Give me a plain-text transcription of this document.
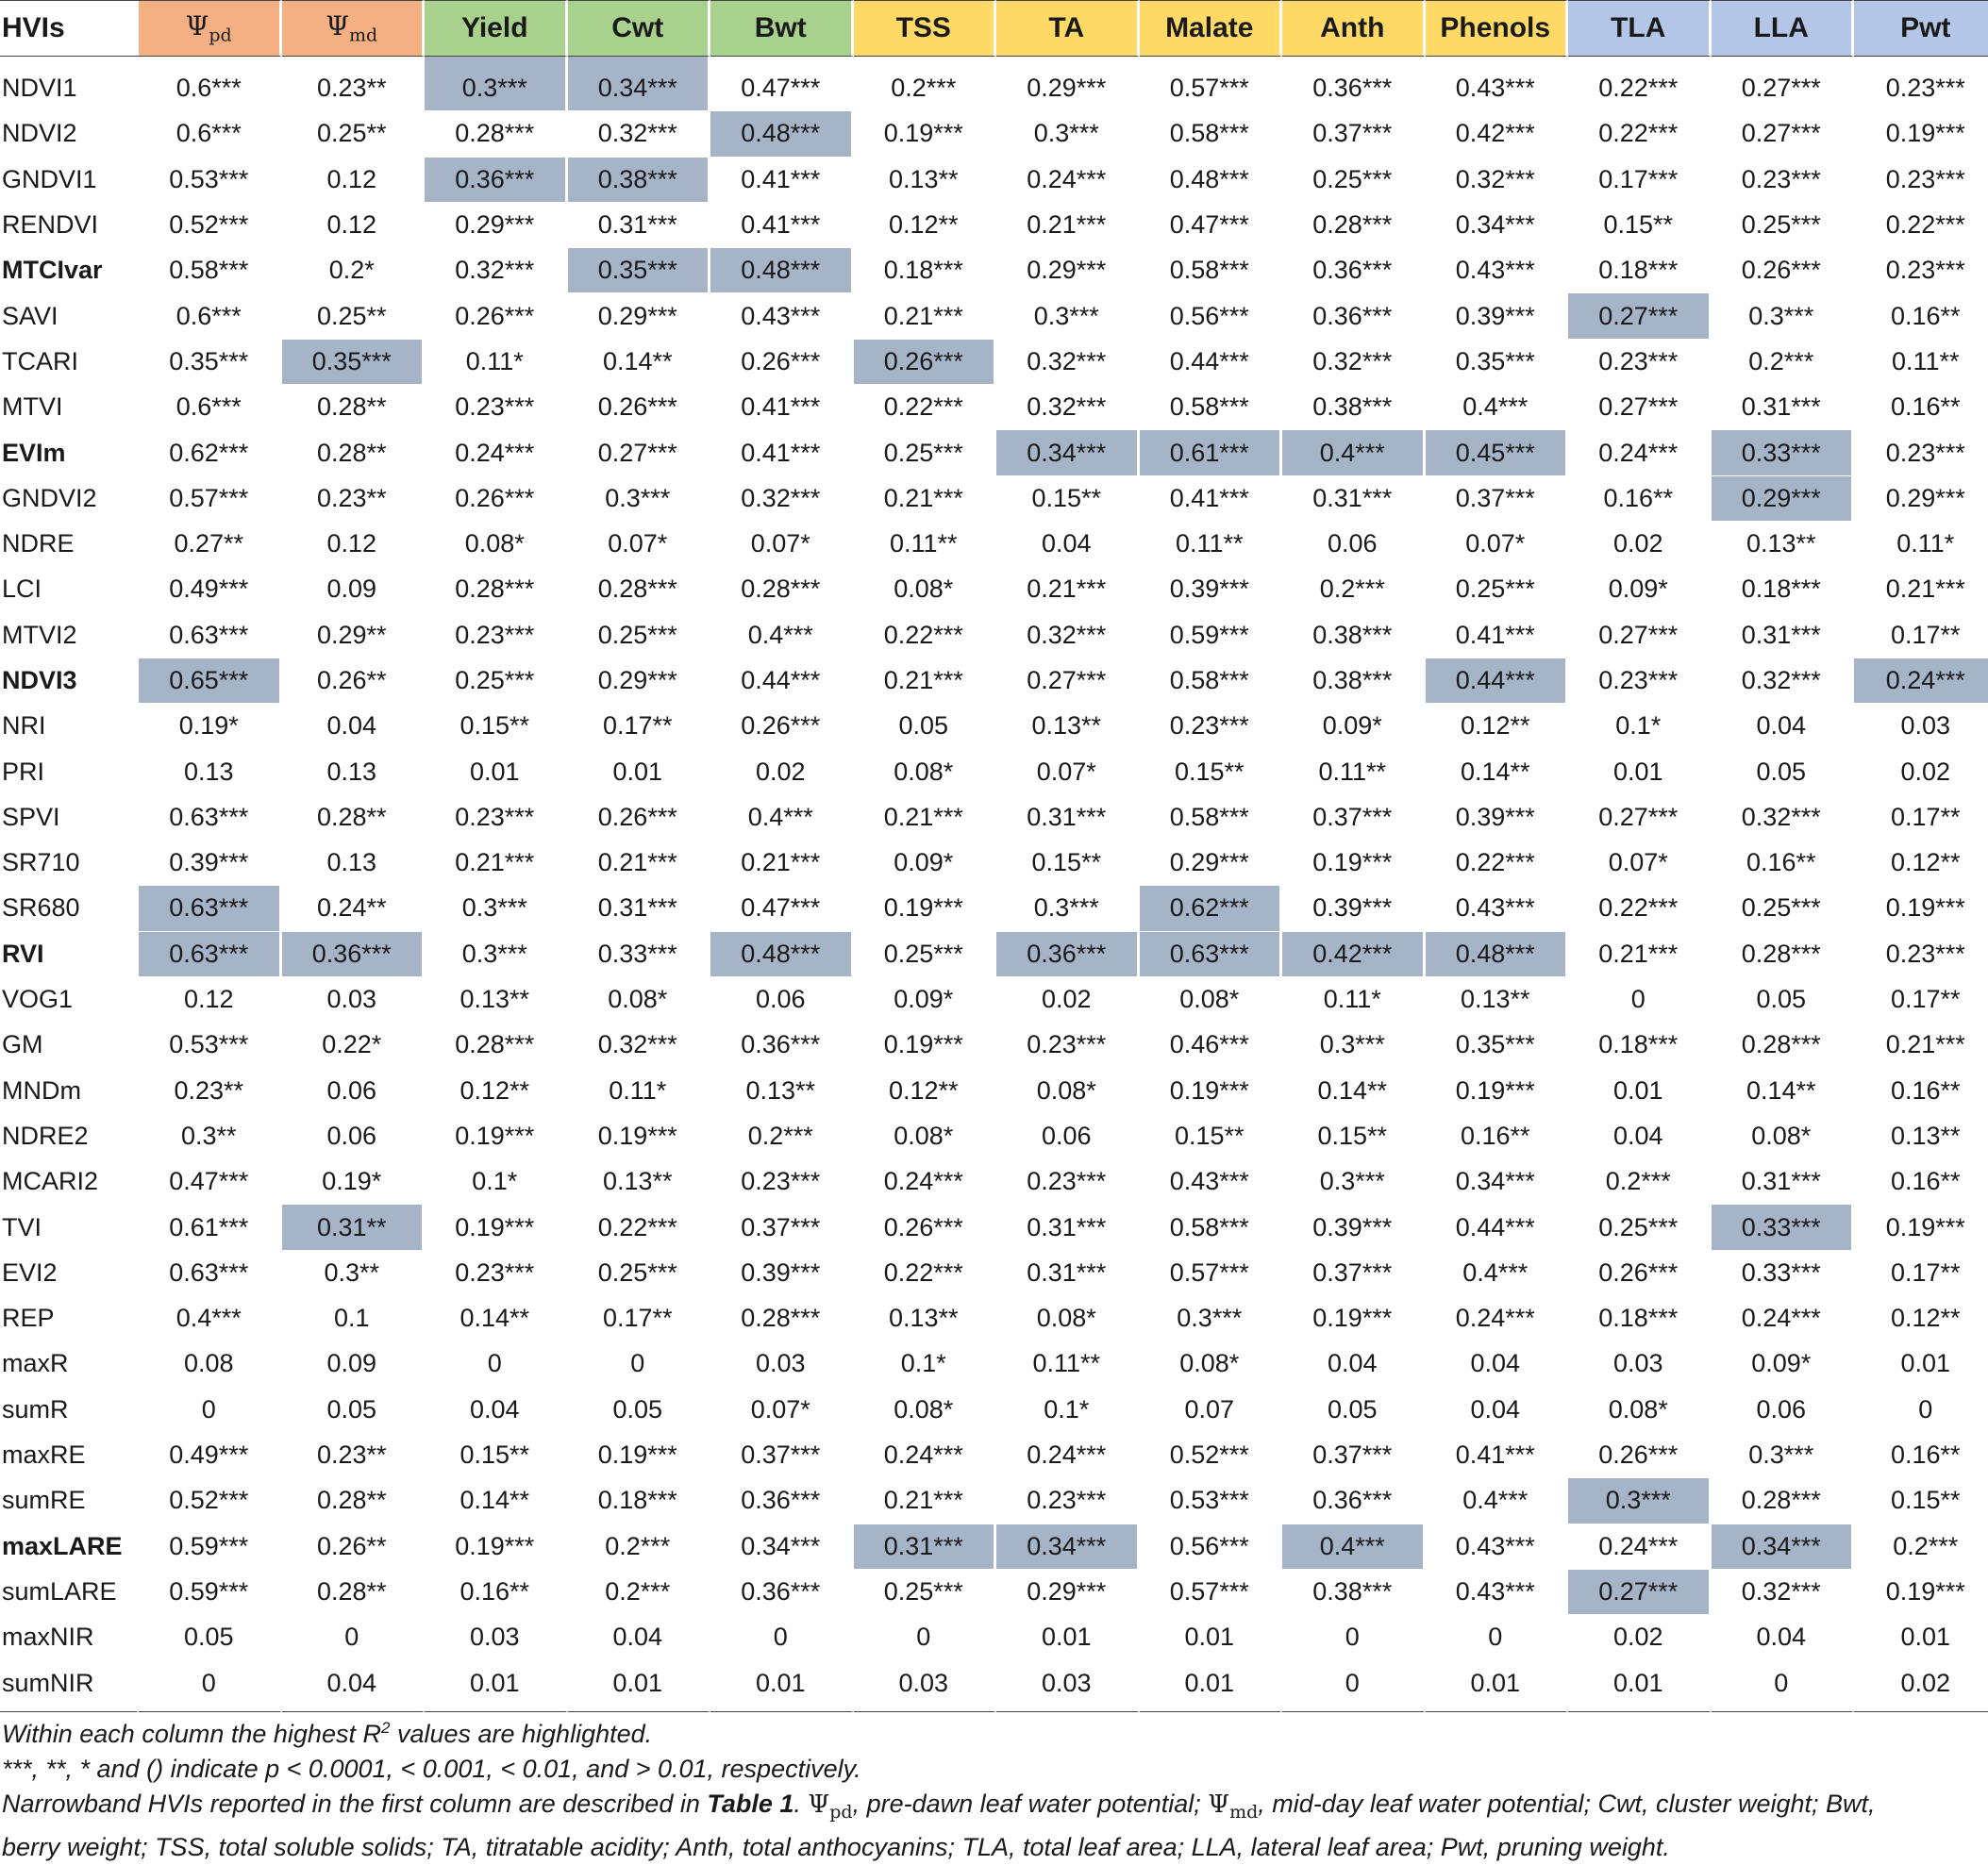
HVIs	$\Psi_{pd}$	$\Psi_{md}$	Yield	Cwt	Bwt	TSS	TA	Malate	Anth	Phenols	TLA	LLA	Pwt
NDVI1	0.6***	0.23**	0.3***	0.34***	0.47***	0.2***	0.29***	0.57***	0.36***	0.43***	0.22***	0.27***	0.23***
NDVI2	0.6***	0.25**	0.28***	0.32***	0.48***	0.19***	0.3***	0.58***	0.37***	0.42***	0.22***	0.27***	0.19***
GNDVI1	0.53***	0.12	0.36***	0.38***	0.41***	0.13**	0.24***	0.48***	0.25***	0.32***	0.17***	0.23***	0.23***
RENDVI	0.52***	0.12	0.29***	0.31***	0.41***	0.12**	0.21***	0.47***	0.28***	0.34***	0.15**	0.25***	0.22***
MTCIvar	0.58***	0.2*	0.32***	0.35***	0.48***	0.18***	0.29***	0.58***	0.36***	0.43***	0.18***	0.26***	0.23***
SAVI	0.6***	0.25**	0.26***	0.29***	0.43***	0.21***	0.3***	0.56***	0.36***	0.39***	0.27***	0.3***	0.16**
TCARI	0.35***	0.35***	0.11*	0.14**	0.26***	0.26***	0.32***	0.44***	0.32***	0.35***	0.23***	0.2***	0.11**
MTVI	0.6***	0.28**	0.23***	0.26***	0.41***	0.22***	0.32***	0.58***	0.38***	0.4***	0.27***	0.31***	0.16**
EVIm	0.62***	0.28**	0.24***	0.27***	0.41***	0.25***	0.34***	0.61***	0.4***	0.45***	0.24***	0.33***	0.23***
GNDVI2	0.57***	0.23**	0.26***	0.3***	0.32***	0.21***	0.15**	0.41***	0.31***	0.37***	0.16**	0.29***	0.29***
NDRE	0.27**	0.12	0.08*	0.07*	0.07*	0.11**	0.04	0.11**	0.06	0.07*	0.02	0.13**	0.11*
LCI	0.49***	0.09	0.28***	0.28***	0.28***	0.08*	0.21***	0.39***	0.2***	0.25***	0.09*	0.18***	0.21***
MTVI2	0.63***	0.29**	0.23***	0.25***	0.4***	0.22***	0.32***	0.59***	0.38***	0.41***	0.27***	0.31***	0.17**
NDVI3	0.65***	0.26**	0.25***	0.29***	0.44***	0.21***	0.27***	0.58***	0.38***	0.44***	0.23***	0.32***	0.24***
NRI	0.19*	0.04	0.15**	0.17**	0.26***	0.05	0.13**	0.23***	0.09*	0.12**	0.1*	0.04	0.03
PRI	0.13	0.13	0.01	0.01	0.02	0.08*	0.07*	0.15**	0.11**	0.14**	0.01	0.05	0.02
SPVI	0.63***	0.28**	0.23***	0.26***	0.4***	0.21***	0.31***	0.58***	0.37***	0.39***	0.27***	0.32***	0.17**
SR710	0.39***	0.13	0.21***	0.21***	0.21***	0.09*	0.15**	0.29***	0.19***	0.22***	0.07*	0.16**	0.12**
SR680	0.63***	0.24**	0.3***	0.31***	0.47***	0.19***	0.3***	0.62***	0.39***	0.43***	0.22***	0.25***	0.19***
RVI	0.63***	0.36***	0.3***	0.33***	0.48***	0.25***	0.36***	0.63***	0.42***	0.48***	0.21***	0.28***	0.23***
VOG1	0.12	0.03	0.13**	0.08*	0.06	0.09*	0.02	0.08*	0.11*	0.13**	0	0.05	0.17**
GM	0.53***	0.22*	0.28***	0.32***	0.36***	0.19***	0.23***	0.46***	0.3***	0.35***	0.18***	0.28***	0.21***
MNDm	0.23**	0.06	0.12**	0.11*	0.13**	0.12**	0.08*	0.19***	0.14**	0.19***	0.01	0.14**	0.16**
NDRE2	0.3**	0.06	0.19***	0.19***	0.2***	0.08*	0.06	0.15**	0.15**	0.16**	0.04	0.08*	0.13**
MCARI2	0.47***	0.19*	0.1*	0.13**	0.23***	0.24***	0.23***	0.43***	0.3***	0.34***	0.2***	0.31***	0.16**
TVI	0.61***	0.31**	0.19***	0.22***	0.37***	0.26***	0.31***	0.58***	0.39***	0.44***	0.25***	0.33***	0.19***
EVI2	0.63***	0.3**	0.23***	0.25***	0.39***	0.22***	0.31***	0.57***	0.37***	0.4***	0.26***	0.33***	0.17**
REP	0.4***	0.1	0.14**	0.17**	0.28***	0.13**	0.08*	0.3***	0.19***	0.24***	0.18***	0.24***	0.12**
maxR	0.08	0.09	0	0	0.03	0.1*	0.11**	0.08*	0.04	0.04	0.03	0.09*	0.01
sumR	0	0.05	0.04	0.05	0.07*	0.08*	0.1*	0.07	0.05	0.04	0.08*	0.06	0
maxRE	0.49***	0.23**	0.15**	0.19***	0.37***	0.24***	0.24***	0.52***	0.37***	0.41***	0.26***	0.3***	0.16**
sumRE	0.52***	0.28**	0.14**	0.18***	0.36***	0.21***	0.23***	0.53***	0.36***	0.4***	0.3***	0.28***	0.15**
maxLARE	0.59***	0.26**	0.19***	0.2***	0.34***	0.31***	0.34***	0.56***	0.4***	0.43***	0.24***	0.34***	0.2***
sumLARE	0.59***	0.28**	0.16**	0.2***	0.36***	0.25***	0.29***	0.57***	0.38***	0.43***	0.27***	0.32***	0.19***
maxNIR	0.05	0	0.03	0.04	0	0	0.01	0.01	0	0	0.02	0.04	0.01
sumNIR	0	0.04	0.01	0.01	0.01	0.03	0.03	0.01	0	0.01	0.01	0	0.02

Within each column the highest $R^2$ values are highlighted.

***, **, * and () indicate p < 0.0001, < 0.001, < 0.01, and > 0.01, respectively.

Narrowband HVIs reported in the first column are described in Table 1. $\Psi_{pd}$, pre-dawn leaf water potential; $\Psi_{md}$, mid-day leaf water potential; Cwt, cluster weight; Bwt,

berry weight; TSS, total soluble solids; TA, titratable acidity; Anth, total anthocyanins; TLA, total leaf area; LLA, lateral leaf area; Pwt, pruning weight.
